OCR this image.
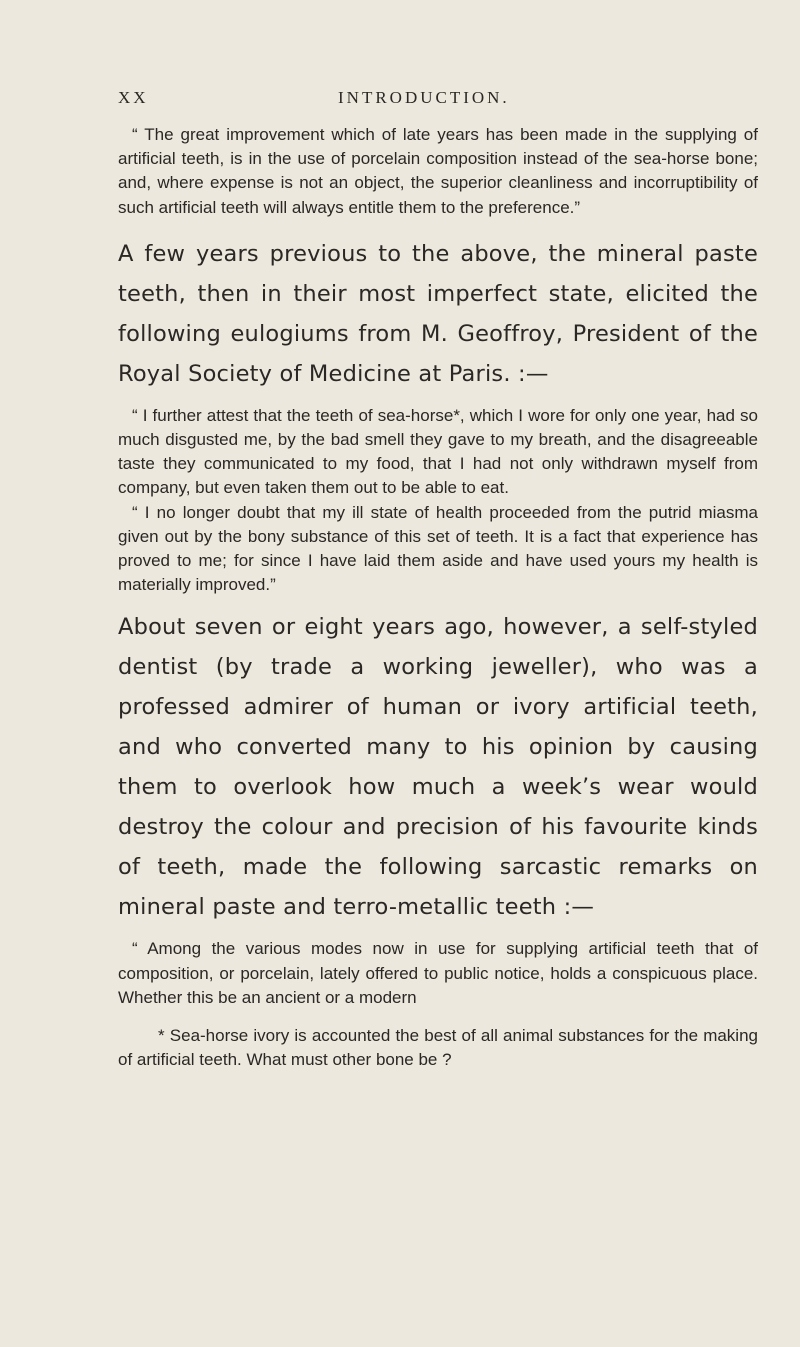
XX	INTRODUCTION.

“ The great improvement which of late years has been made in the supplying of artificial teeth, is in the use of porcelain composition instead of the sea-horse bone; and, where expense is not an object, the superior cleanliness and incorruptibility of such artificial teeth will always entitle them to the preference.”

A few years previous to the above, the mineral paste teeth, then in their most imperfect state, elicited the following eulogiums from M. Geoffroy, President of the Royal Society of Medicine at Paris. :—

“ I further attest that the teeth of sea-horse*, which I wore for only one year, had so much disgusted me, by the bad smell they gave to my breath, and the disagreeable taste they communicated to my food, that I had not only withdrawn myself from company, but even taken them out to be able to eat.

“ I no longer doubt that my ill state of health proceeded from the putrid miasma given out by the bony substance of this set of teeth. It is a fact that experience has proved to me; for since I have laid them aside and have used yours my health is materially improved.”

About seven or eight years ago, however, a self-styled dentist (by trade a working jeweller), who was a professed admirer of human or ivory artificial teeth, and who converted many to his opinion by causing them to overlook how much a week’s wear would destroy the colour and precision of his favourite kinds of teeth, made the following sarcastic remarks on mineral paste and terro-metallic teeth :—

“ Among the various modes now in use for supplying artificial teeth that of composition, or porcelain, lately offered to public notice, holds a conspicuous place. Whether this be an ancient or a modern

* Sea-horse ivory is accounted the best of all animal substances for the making of artificial teeth. What must other bone be ?
